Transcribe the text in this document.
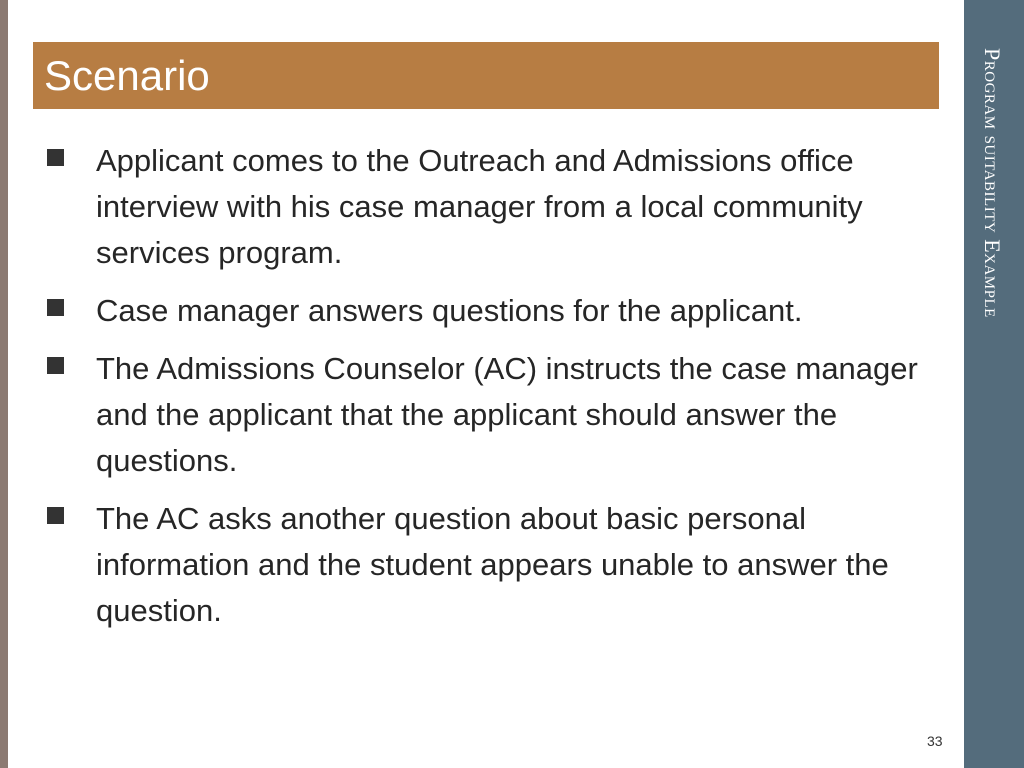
Scenario
Applicant comes to the Outreach and Admissions office interview with his case manager from a local community services program.
Case manager answers questions for the applicant.
The Admissions Counselor (AC) instructs the case manager and the applicant that the applicant should answer the questions.
The AC asks another question about basic personal information and the student appears unable to answer the question.
Program suitability Example
33
